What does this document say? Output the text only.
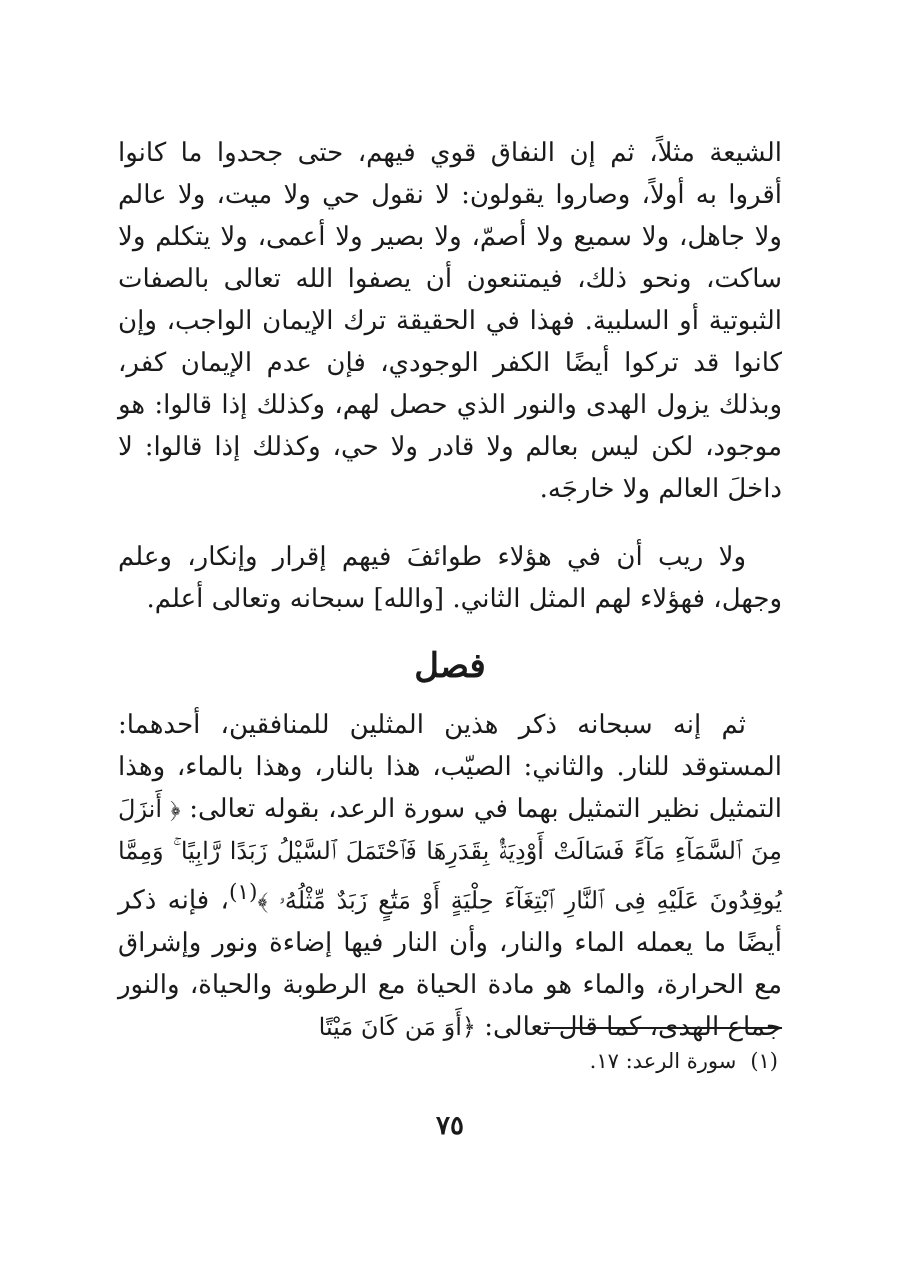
الشيعة مثلاً، ثم إن النفاق قوي فيهم، حتى جحدوا ما كانوا أقروا به أولاً، وصاروا يقولون: لا نقول حي ولا ميت، ولا عالم ولا جاهل، ولا سميع ولا أصمّ، ولا بصير ولا أعمى، ولا يتكلم ولا ساكت، ونحو ذلك، فيمتنعون أن يصفوا الله تعالى بالصفات الثبوتية أو السلبية. فهذا في الحقيقة ترك الإيمان الواجب، وإن كانوا قد تركوا أيضًا الكفر الوجودي، فإن عدم الإيمان كفر، وبذلك يزول الهدى والنور الذي حصل لهم، وكذلك إذا قالوا: هو موجود، لكن ليس بعالم ولا قادر ولا حي، وكذلك إذا قالوا: لا داخلَ العالم ولا خارجَه.

ولا ريب أن في هؤلاء طوائفَ فيهم إقرار وإنكار، وعلم وجهل، فهؤلاء لهم المثل الثاني. [والله] سبحانه وتعالى أعلم.

فصل

ثم إنه سبحانه ذكر هذين المثلين للمنافقين، أحدهما: المستوقد للنار. والثاني: الصيّب، هذا بالنار، وهذا بالماء، وهذا التمثيل نظير التمثيل بهما في سورة الرعد، بقوله تعالى: ﴿ أَنزَلَ مِنَ ٱلسَّمَآءِ مَآءً فَسَالَتْ أَوْدِيَةُۢ بِقَدَرِهَا فَٱحْتَمَلَ ٱلسَّيْلُ زَبَدًا رَّابِيًا ۚ وَمِمَّا يُوقِدُونَ عَلَيْهِ فِى ٱلنَّارِ ٱبْتِغَآءَ حِلْيَةٍ أَوْ مَتَٰعٍ زَبَدٌ مِّثْلُهُۥ ﴾$^{(١)}$، فإنه ذكر أيضًا ما يعمله الماء والنار، وأن النار فيها إضاءة ونور وإشراق مع الحرارة، والماء هو مادة الحياة مع الرطوبة والحياة، والنور جماع الهدى، كما قال تعالى: ﴿أَوَ مَن كَانَ مَيْتًا

(١)سورة الرعد: ١٧.
٧٥
